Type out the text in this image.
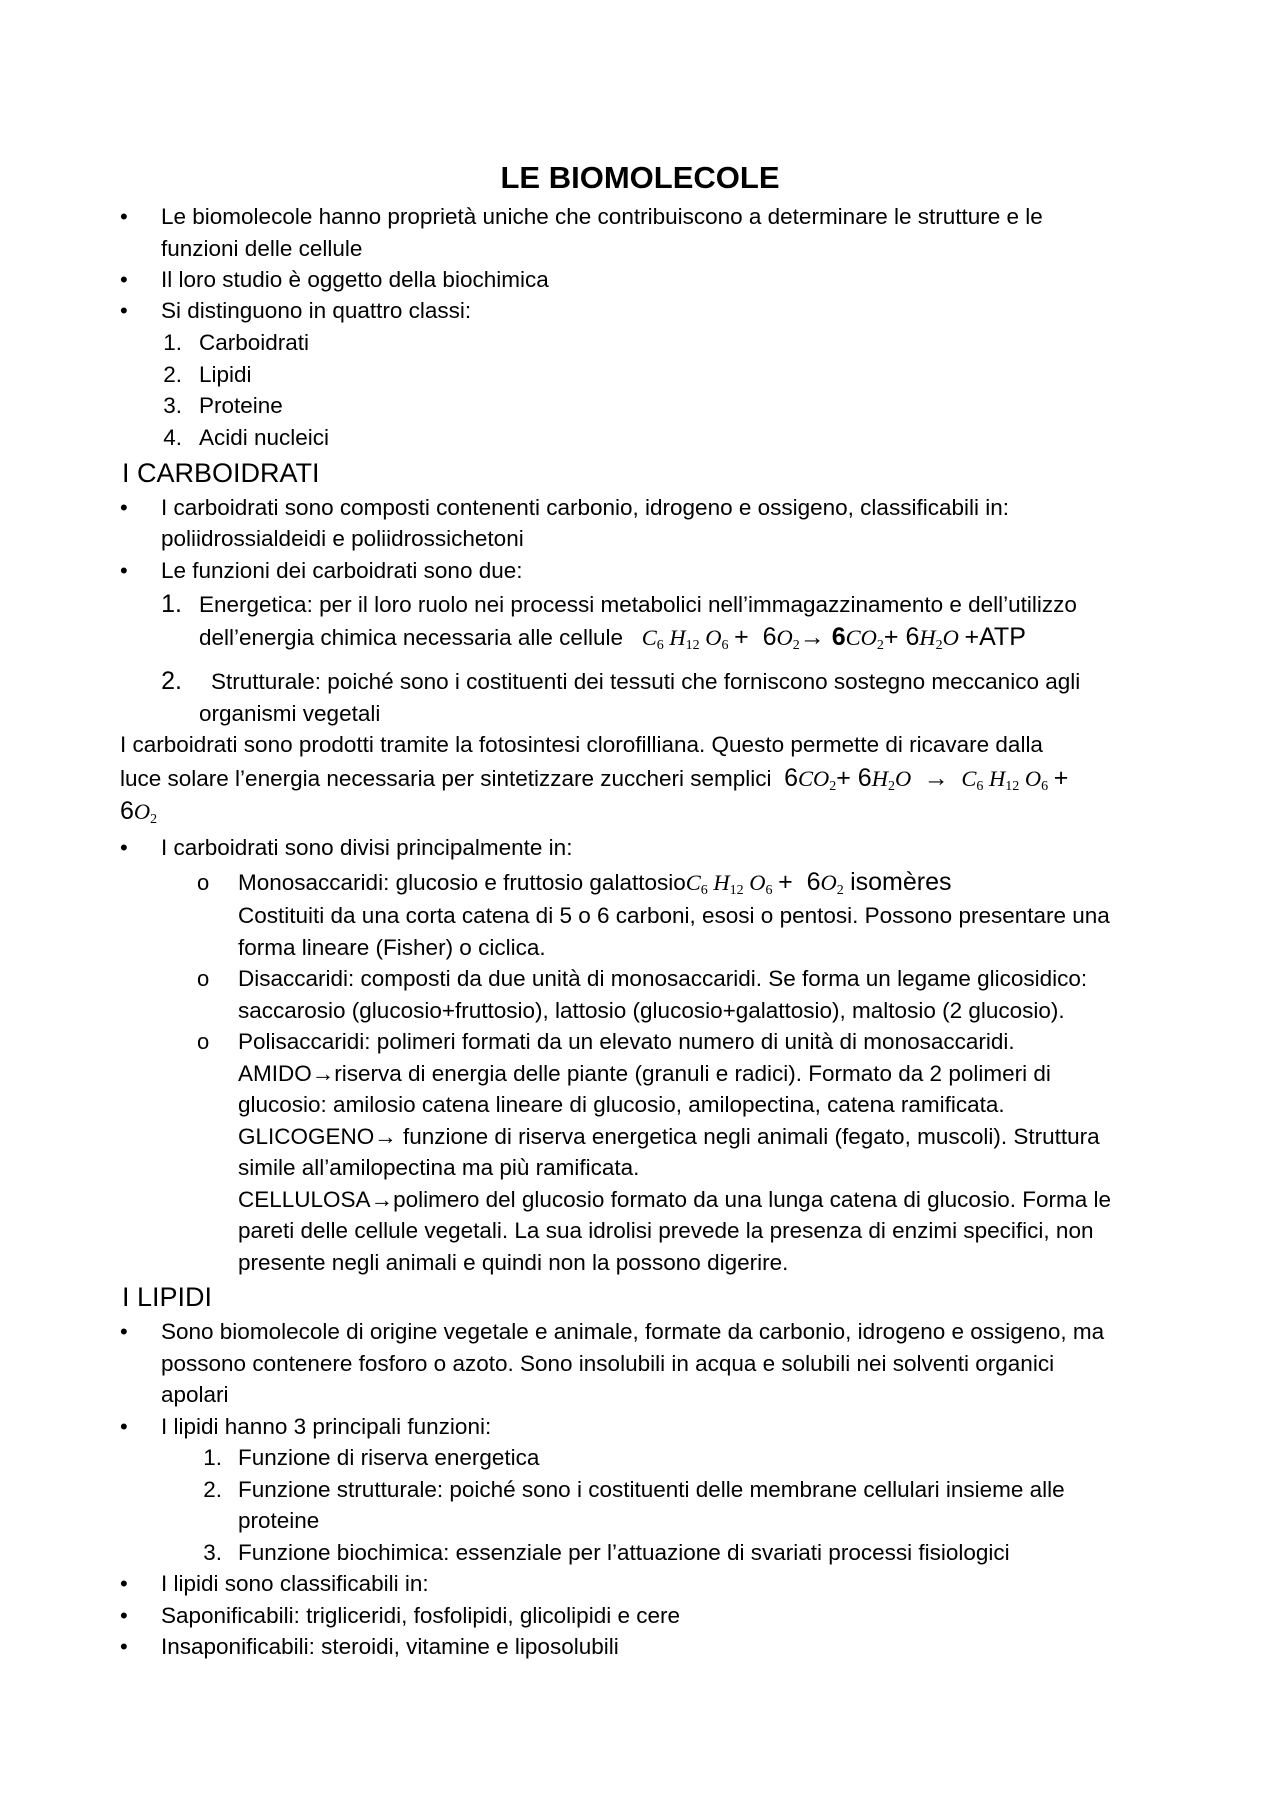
LE BIOMOLECOLE
• Le biomolecole hanno proprietà uniche che contribuiscono a determinare le strutture e le
funzioni delle cellule
• Il loro studio è oggetto della biochimica
• Si distinguono in quattro classi:
1. Carboidrati
2. Lipidi
3. Proteine
4. Acidi nucleici
I CARBOIDRATI
• I carboidrati sono composti contenenti carbonio, idrogeno e ossigeno, classificabili in:
poliidrossialdeidi e poliidrossichetoni
• Le funzioni dei carboidrati sono due:
1. Energetica: per il loro ruolo nei processi metabolici nell’immagazzinamento e dell’utilizzo
dell’energia chimica necessaria alle cellule $C_6$ $H_{12}$ $O_6 + 6O_2\to 6CO_2+ 6H_2O +ATP$
2. Strutturale: poiché sono i costituenti dei tessuti che forniscono sostegno meccanico agli
organismi vegetali
I carboidrati sono prodotti tramite la fotosintesi clorofilliana. Questo permette di ricavare dalla
luce solare l’energia necessaria per sintetizzare zuccheri semplici $6CO_2+ 6H_2O \to C_6$ $H_{12}$ $O_6$ +
$6O_2$
• I carboidrati sono divisi principalmente in:
o Monosaccaridi: glucosio e fruttosio galattosioC$_6$ $H_{12}$ $O_6 + 6O_2$ isomères
Costituiti da una corta catena di 5 o 6 carboni, esosi o pentosi. Possono presentare una
forma lineare (Fisher) o ciclica.
o Disaccaridi: composti da due unità di monosaccaridi. Se forma un legame glicosidico:
saccarosio (glucosio+fruttosio), lattosio (glucosio+galattosio), maltosio (2 glucosio).
o Polisaccaridi: polimeri formati da un elevato numero di unità di monosaccaridi.
AMIDO→riserva di energia delle piante (granuli e radici). Formato da 2 polimeri di
glucosio: amilosio catena lineare di glucosio, amilopectina, catena ramificata.
GLICOGENO→ funzione di riserva energetica negli animali (fegato, muscoli). Struttura
simile all’amilopectina ma più ramificata.
CELLULOSA→polimero del glucosio formato da una lunga catena di glucosio. Forma le
pareti delle cellule vegetali. La sua idrolisi prevede la presenza di enzimi specifici, non
presente negli animali e quindi non la possono digerire.
I LIPIDI
• Sono biomolecole di origine vegetale e animale, formate da carbonio, idrogeno e ossigeno, ma
possono contenere fosforo o azoto. Sono insolubili in acqua e solubili nei solventi organici
apolari
• I lipidi hanno 3 principali funzioni:
1. Funzione di riserva energetica
2. Funzione strutturale: poiché sono i costituenti delle membrane cellulari insieme alle
proteine
3. Funzione biochimica: essenziale per l’attuazione di svariati processi fisiologici
• I lipidi sono classificabili in:
• Saponificabili: trigliceridi, fosfolipidi, glicolipidi e cere
• Insaponificabili: steroidi, vitamine e liposolubili
